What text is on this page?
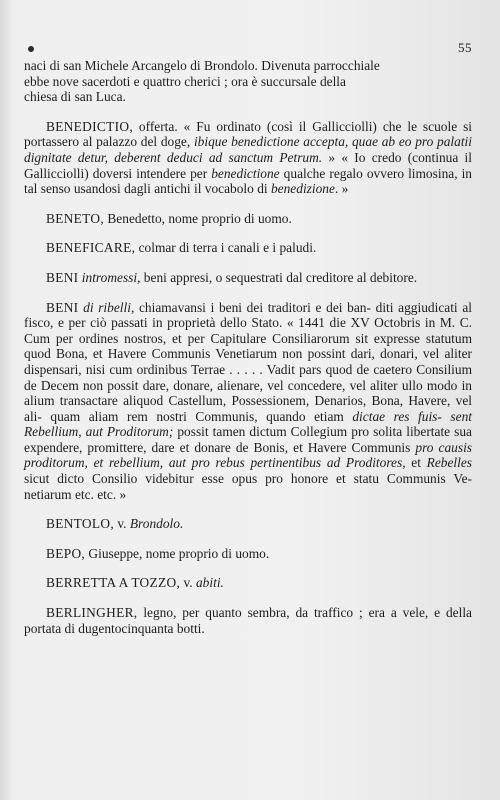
55

naci di san Michele Arcangelo di Brondolo. Divenuta parrocchiale
ebbe nove sacerdoti e quattro cherici ; ora è succursale della
chiesa di san Luca.

BENEDICTIO, offerta. « Fu ordinato (così il Gallicciolli) che le scuole si portassero al palazzo del doge, ibique benedictione accepta, quae ab eo pro palatii dignitate detur, deberent deduci ad sanctum Petrum. » « Io credo (continua il Gallicciolli) doversi intendere per benedictione qualche regalo ovvero limosina, in tal senso usandosi dagli antichi il vocabolo di benedizione. »

BENETO, Benedetto, nome proprio di uomo.

BENEFICARE, colmar di terra i canali e i paludi.

BENI intromessi, beni appresi, o sequestrati dal creditore al debitore.

BENI di ribelli, chiamavansi i beni dei traditori e dei ban- diti aggiudicati al fisco, e per ciò passati in proprietà dello Stato. « 1441 die XV Octobris in M. C. Cum per ordines nostros, et per Capitulare Consiliarorum sit expresse statutum quod Bona, et Havere Communis Venetiarum non possint dari, donari, vel aliter dispensari, nisi cum ordinibus Terrae . . . . . Vadit pars quod de caetero Consilium de Decem non possit dare, donare, alienare, vel concedere, vel aliter ullo modo in alium transactare aliquod Castellum, Possessionem, Denarios, Bona, Havere, vel ali- quam aliam rem nostri Communis, quando etiam dictae res fuis- sent Rebellium, aut Proditorum; possit tamen dictum Collegium pro solita libertate sua expendere, promittere, dare et donare de Bonis, et Havere Communis pro causis proditorum, et rebellium, aut pro rebus pertinentibus ad Proditores, et Rebelles sicut dicto Consilio videbitur esse opus pro honore et statu Communis Ve- netiarum etc. etc. »

BENTOLO, v. Brondolo.

BEPO, Giuseppe, nome proprio di uomo.

BERRETTA A TOZZO, v. abiti.

BERLINGHER, legno, per quanto sembra, da traffico ; era a vele, e della portata di dugentocinquanta botti.
